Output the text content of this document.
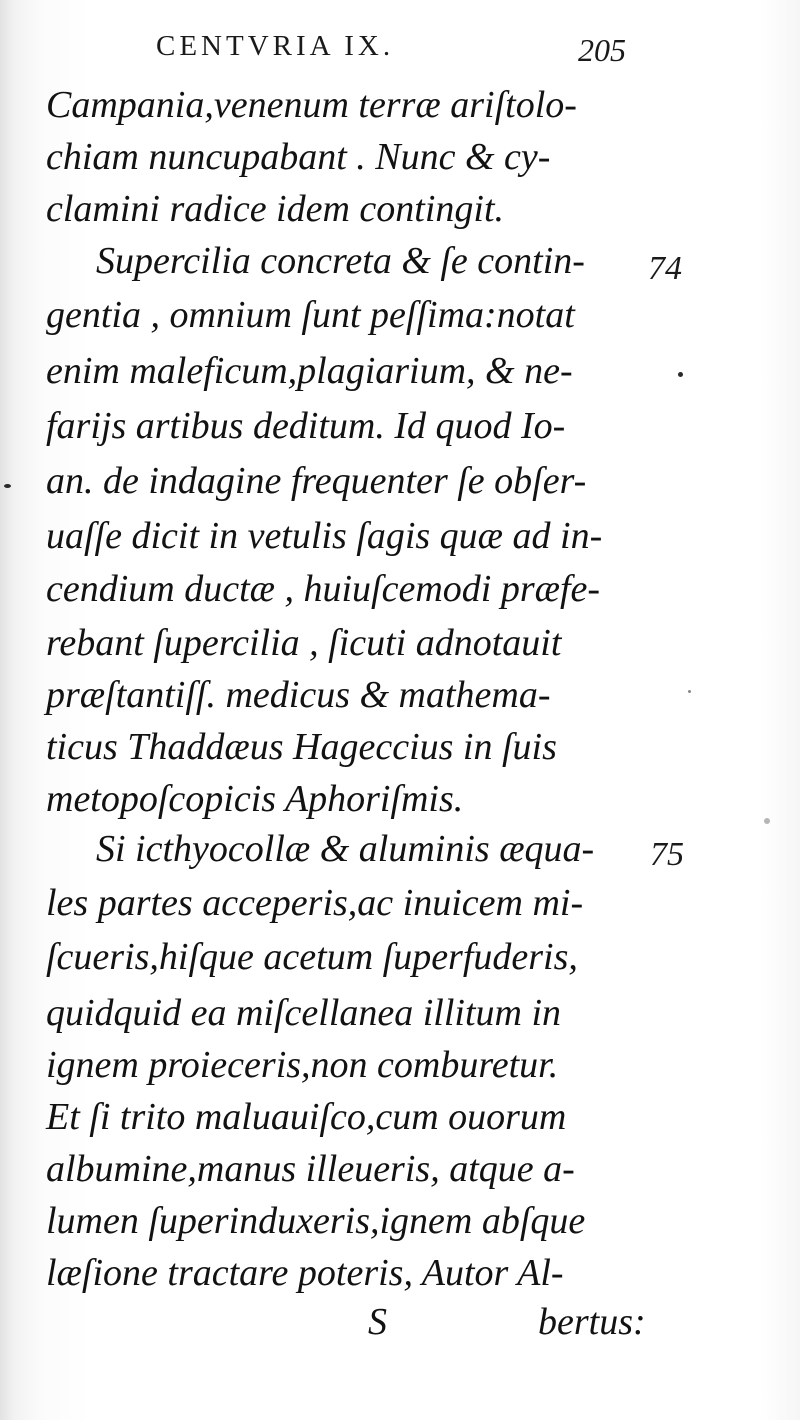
CENTVRIA IX.	205
Campania,venenum terræ ariſtolo-
chiam nuncupabant . Nunc & cy-
clamini radice idem contingit.
Supercilia concreta & ſe contin-	74
gentia , omnium ſunt peſſima:notat
enim maleficum,plagiarium, & ne-
farijs artibus deditum. Id quod Io-
an. de indagine frequenter ſe obſer-
uaſſe dicit in vetulis ſagis quæ ad in-
cendium ductæ , huiuſcemodi præfe-
rebant ſupercilia , ſicuti adnotauit
præſtantiſſ. medicus & mathema-
ticus Thaddæus Hageccius in ſuis
metopoſcopicis Aphoriſmis.
Si icthyocollæ & aluminis æqua-	75
les partes acceperis,ac inuicem mi-
ſcueris,hiſque acetum ſuperfuderis,
quidquid ea miſcellanea illitum in
ignem proieceris,non comburetur.
Et ſi trito maluauiſco,cum ouorum
albumine,manus illeueris, atque a-
lumen ſuperinduxeris,ignem abſque
læſione tractare poteris, Autor Al-
S	bertus:
